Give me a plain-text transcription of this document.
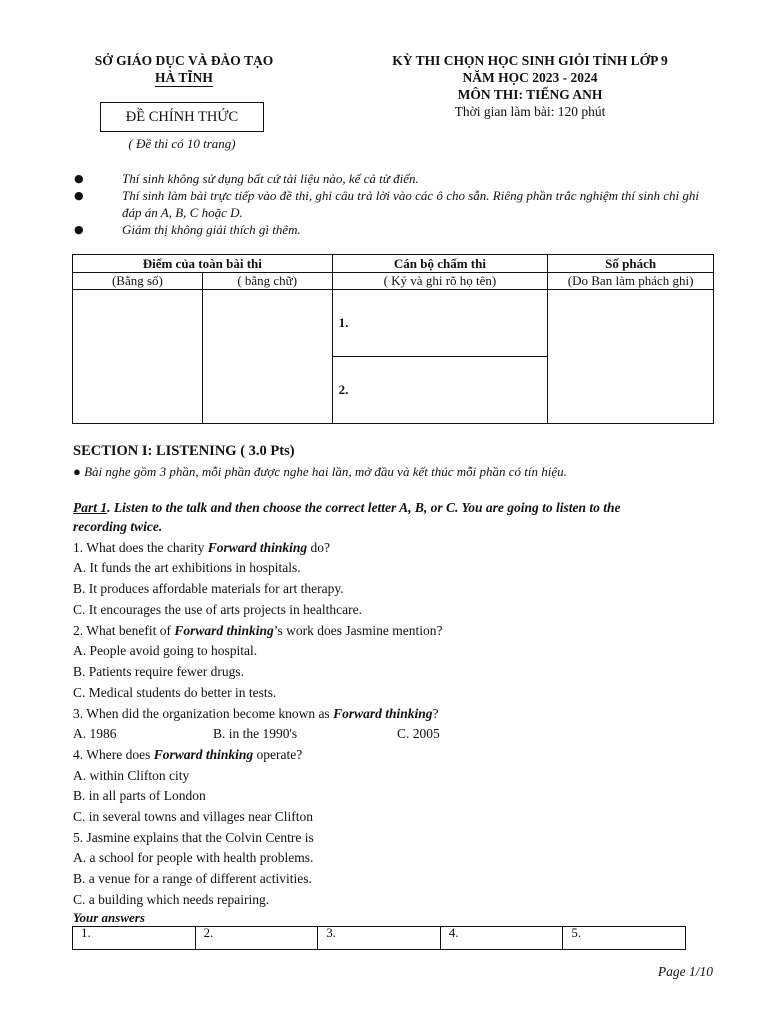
SỞ GIÁO DỤC VÀ ĐÀO TẠO
HÀ TĨNH
KỲ THI CHỌN HỌC SINH GIỎI TỈNH LỚP 9
NĂM HỌC 2023 - 2024
MÔN THI: TIẾNG ANH
Thời gian làm bài: 120 phút
ĐỀ CHÍNH THỨC
( Đề thi có 10 trang)
●	Thí sinh không sử dụng bất cứ tài liệu nào, kể cả từ điển.
●	Thí sinh làm bài trực tiếp vào đề thi, ghi câu trả lời vào các ô cho sẵn. Riêng phần trắc nghiệm thí sinh chỉ ghi đáp án A, B, C hoặc D.
●	Giám thị không giải thích gì thêm.
Điểm của toàn bài thi		Cán bộ chấm thi	Số phách
(Bằng số)	( bằng chữ)	( Ký và ghi rõ họ tên)	(Do Ban làm phách ghi)
		1.	
		2.	
SECTION I: LISTENING ( 3.0 Pts)
● Bài nghe gồm 3 phần, mỗi phần được nghe hai lần, mở đầu và kết thúc mỗi phần có tín hiệu.
Part 1. Listen to the talk and then choose the correct letter A, B, or C. You are going to listen to the
recording twice.
1. What does the charity Forward thinking do?
A. It funds the art exhibitions in hospitals.
B. It produces affordable materials for art therapy.
C. It encourages the use of arts projects in healthcare.
2. What benefit of Forward thinking’s work does Jasmine mention?
A. People avoid going to hospital.
B. Patients require fewer drugs.
C. Medical students do better in tests.
3. When did the organization become known as Forward thinking?
A. 1986	B. in the 1990's	C. 2005
4. Where does Forward thinking operate?
A. within Clifton city
B. in all parts of London
C. in several towns and villages near Clifton
5. Jasmine explains that the Colvin Centre is
A. a school for people with health problems.
B. a venue for a range of different activities.
C. a building which needs repairing.
Your answers
1.	2.	3.	4.	5.
Page 1/10
